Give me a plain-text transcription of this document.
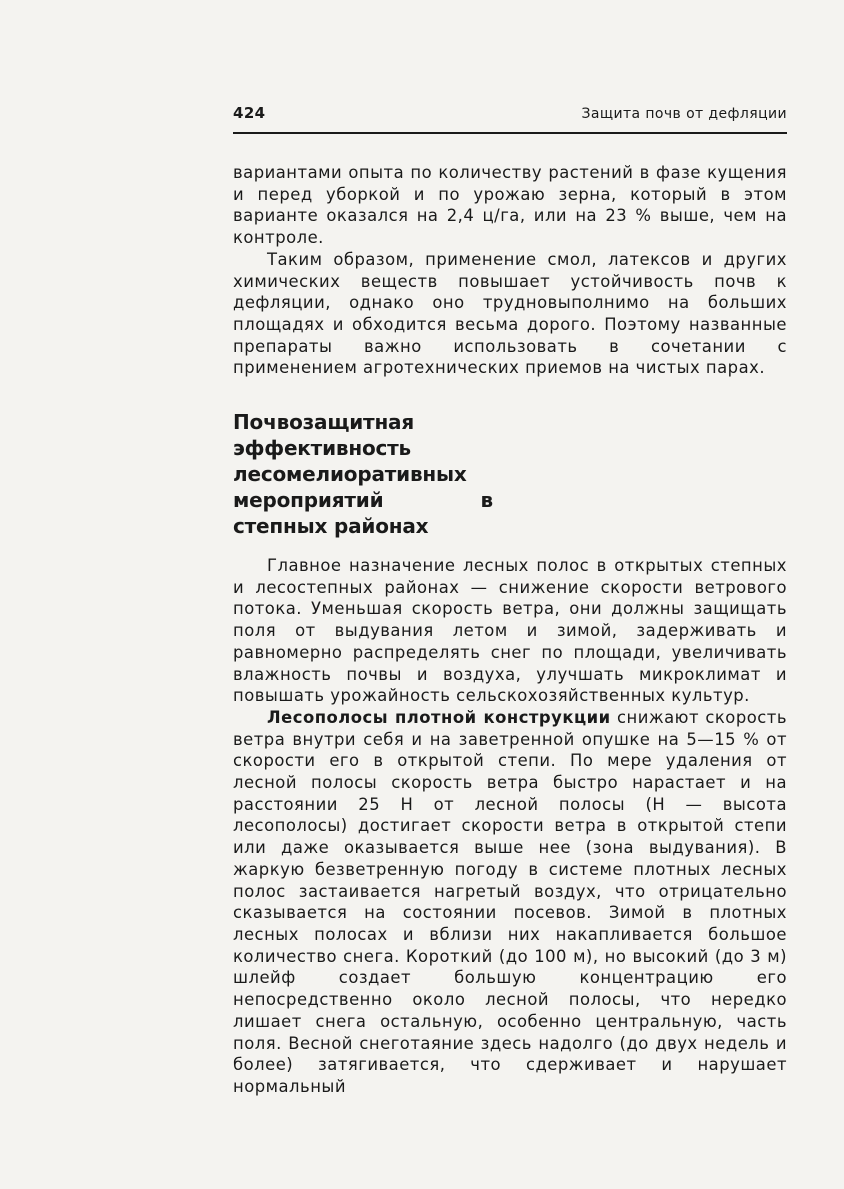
424	Защита почв от дефляции

вариантами опыта по количеству растений в фазе кущения и перед уборкой и по урожаю зерна, который в этом варианте оказался на 2,4 ц/га, или на 23 % выше, чем на контроле.

Таким образом, применение смол, латексов и других химических веществ повышает устойчивость почв к дефляции, однако оно трудновыполнимо на больших площадях и обходится весьма дорого. Поэтому названные препараты важно использовать в сочетании с применением агротехнических приемов на чистых парах.

Почвозащитная эффективность лесомелиоративных мероприятий в степных районах

Главное назначение лесных полос в открытых степных и лесостепных районах — снижение скорости ветрового потока. Уменьшая скорость ветра, они должны защищать поля от выдувания летом и зимой, задерживать и равномерно распределять снег по площади, увеличивать влажность почвы и воздуха, улучшать микроклимат и повышать урожайность сельскохозяйственных культур.

Лесополосы плотной конструкции снижают скорость ветра внутри себя и на заветренной опушке на 5—15 % от скорости его в открытой степи. По мере удаления от лесной полосы скорость ветра быстро нарастает и на расстоянии 25 Н от лесной полосы (Н — высота лесополосы) достигает скорости ветра в открытой степи или даже оказывается выше нее (зона выдувания). В жаркую безветренную погоду в системе плотных лесных полос застаивается нагретый воздух, что отрицательно сказывается на состоянии посевов. Зимой в плотных лесных полосах и вблизи них накапливается большое количество снега. Короткий (до 100 м), но высокий (до 3 м) шлейф создает большую концентрацию его непосредственно около лесной полосы, что нередко лишает снега остальную, особенно центральную, часть поля. Весной снеготаяние здесь надолго (до двух недель и более) затягивается, что сдерживает и нарушает нормальный
